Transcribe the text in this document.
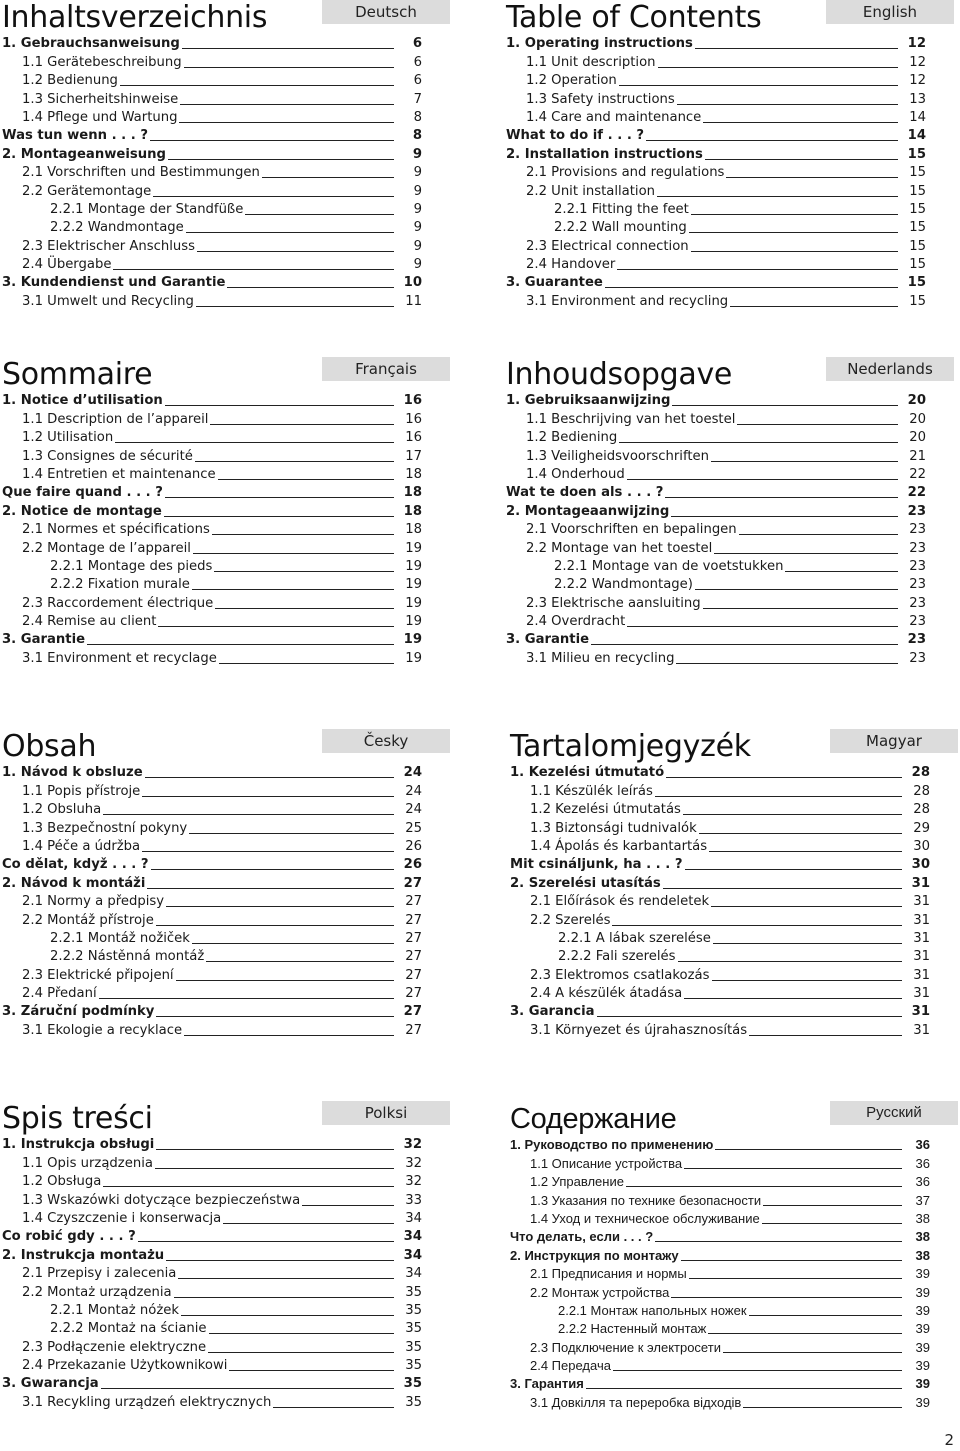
Inhaltsverzeichnis	Deutsch
1. Gebrauchsanweisung	6
1.1 Gerätebeschreibung	6
1.2 Bedienung	6
1.3 Sicherheitshinweise	7
1.4 Pflege und Wartung	8
Was tun wenn . . . ?	8
2. Montageanweisung	9
2.1 Vorschriften und Bestimmungen	9
2.2 Gerätemontage	9
2.2.1 Montage der Standfüße	9
2.2.2 Wandmontage	9
2.3 Elektrischer Anschluss	9
2.4 Übergabe	9
3. Kundendienst und Garantie	10
3.1 Umwelt und Recycling	11
Table of Contents	English
1. Operating instructions	12
1.1 Unit description	12
1.2 Operation	12
1.3 Safety instructions	13
1.4 Care and maintenance	14
What to do if . . . ?	14
2. Installation instructions	15
2.1 Provisions and regulations	15
2.2 Unit installation	15
2.2.1 Fitting the feet	15
2.2.2 Wall mounting	15
2.3 Electrical connection	15
2.4 Handover	15
3. Guarantee	15
3.1 Environment and recycling	15
Sommaire	Français
1. Notice d’utilisation	16
1.1 Description de l’appareil	16
1.2 Utilisation	16
1.3 Consignes de sécurité	17
1.4 Entretien et maintenance	18
Que faire quand . . . ?	18
2. Notice de montage	18
2.1 Normes et spécifications	18
2.2 Montage de l’appareil	19
2.2.1 Montage des pieds	19
2.2.2 Fixation murale	19
2.3 Raccordement électrique	19
2.4 Remise au client	19
3. Garantie	19
3.1 Environment et recyclage	19
Inhoudsopgave	Nederlands
1. Gebruiksaanwijzing	20
1.1 Beschrijving van het toestel	20
1.2 Bediening	20
1.3 Veiligheidsvoorschriften	21
1.4 Onderhoud	22
Wat te doen als . . . ?	22
2. Montageaanwijzing	23
2.1 Voorschriften en bepalingen	23
2.2 Montage van het toestel	23
2.2.1 Montage van de voetstukken	23
2.2.2 Wandmontage)	23
2.3 Elektrische aansluiting	23
2.4 Overdracht	23
3. Garantie	23
3.1 Milieu en recycling	23
Obsah	Česky
1. Návod k obsluze	24
1.1 Popis přístroje	24
1.2 Obsluha	24
1.3 Bezpečnostní pokyny	25
1.4 Péče a údržba	26
Co dělat, když . . . ?	26
2. Návod k montáži	27
2.1 Normy a předpisy	27
2.2 Montáž přístroje	27
2.2.1 Montáž nožiček	27
2.2.2 Nástěnná montáž	27
2.3 Elektrické připojení	27
2.4 Předaní	27
3. Záruční podmínky	27
3.1 Ekologie a recyklace	27
Tartalomjegyzék	Magyar
1. Kezelési útmutató	28
1.1 Készülék leírás	28
1.2 Kezelési útmutatás	28
1.3 Biztonsági tudnivalók	29
1.4 Ápolás és karbantartás	30
Mit csináljunk, ha . . . ?	30
2. Szerelési utasítás	31
2.1 Előírások és rendeletek	31
2.2 Szerelés	31
2.2.1 A lábak szerelése	31
2.2.2 Fali szerelés	31
2.3 Elektromos csatlakozás	31
2.4 A készülék átadása	31
3. Garancia	31
3.1 Környezet és újrahasznosítás	31
Spis treści	Polksi
1. Instrukcja obsługi	32
1.1 Opis urządzenia	32
1.2 Obsługa	32
1.3 Wskazówki dotyczące bezpieczeństwa	33
1.4 Czyszczenie i konserwacja	34
Co robić gdy . . . ?	34
2. Instrukcja montażu	34
2.1 Przepisy i zalecenia	34
2.2 Montaż urządzenia	35
2.2.1 Montaż nóżek	35
2.2.2 Montaż na ścianie	35
2.3 Podłączenie elektryczne	35
2.4 Przekazanie Użytkownikowi	35
3. Gwarancja	35
3.1 Recykling urządzeń elektrycznych	35
Содержание	Русский
1. Руководство по применению	36
1.1 Описание устройства	36
1.2 Управление	36
1.3 Указания по технике безопасности	37
1.4 Уход и техническое обслуживание	38
Что делать, если . . . ?	38
2. Инструкция по монтажу	38
2.1 Предписания и нормы	39
2.2 Монтаж устройства	39
2.2.1 Монтаж напольных ножек	39
2.2.2 Настенный монтаж	39
2.3 Подключение к электросети	39
2.4 Передача	39
3. Гарантия	39
3.1 Довкілля та переробка відходів	39
2
